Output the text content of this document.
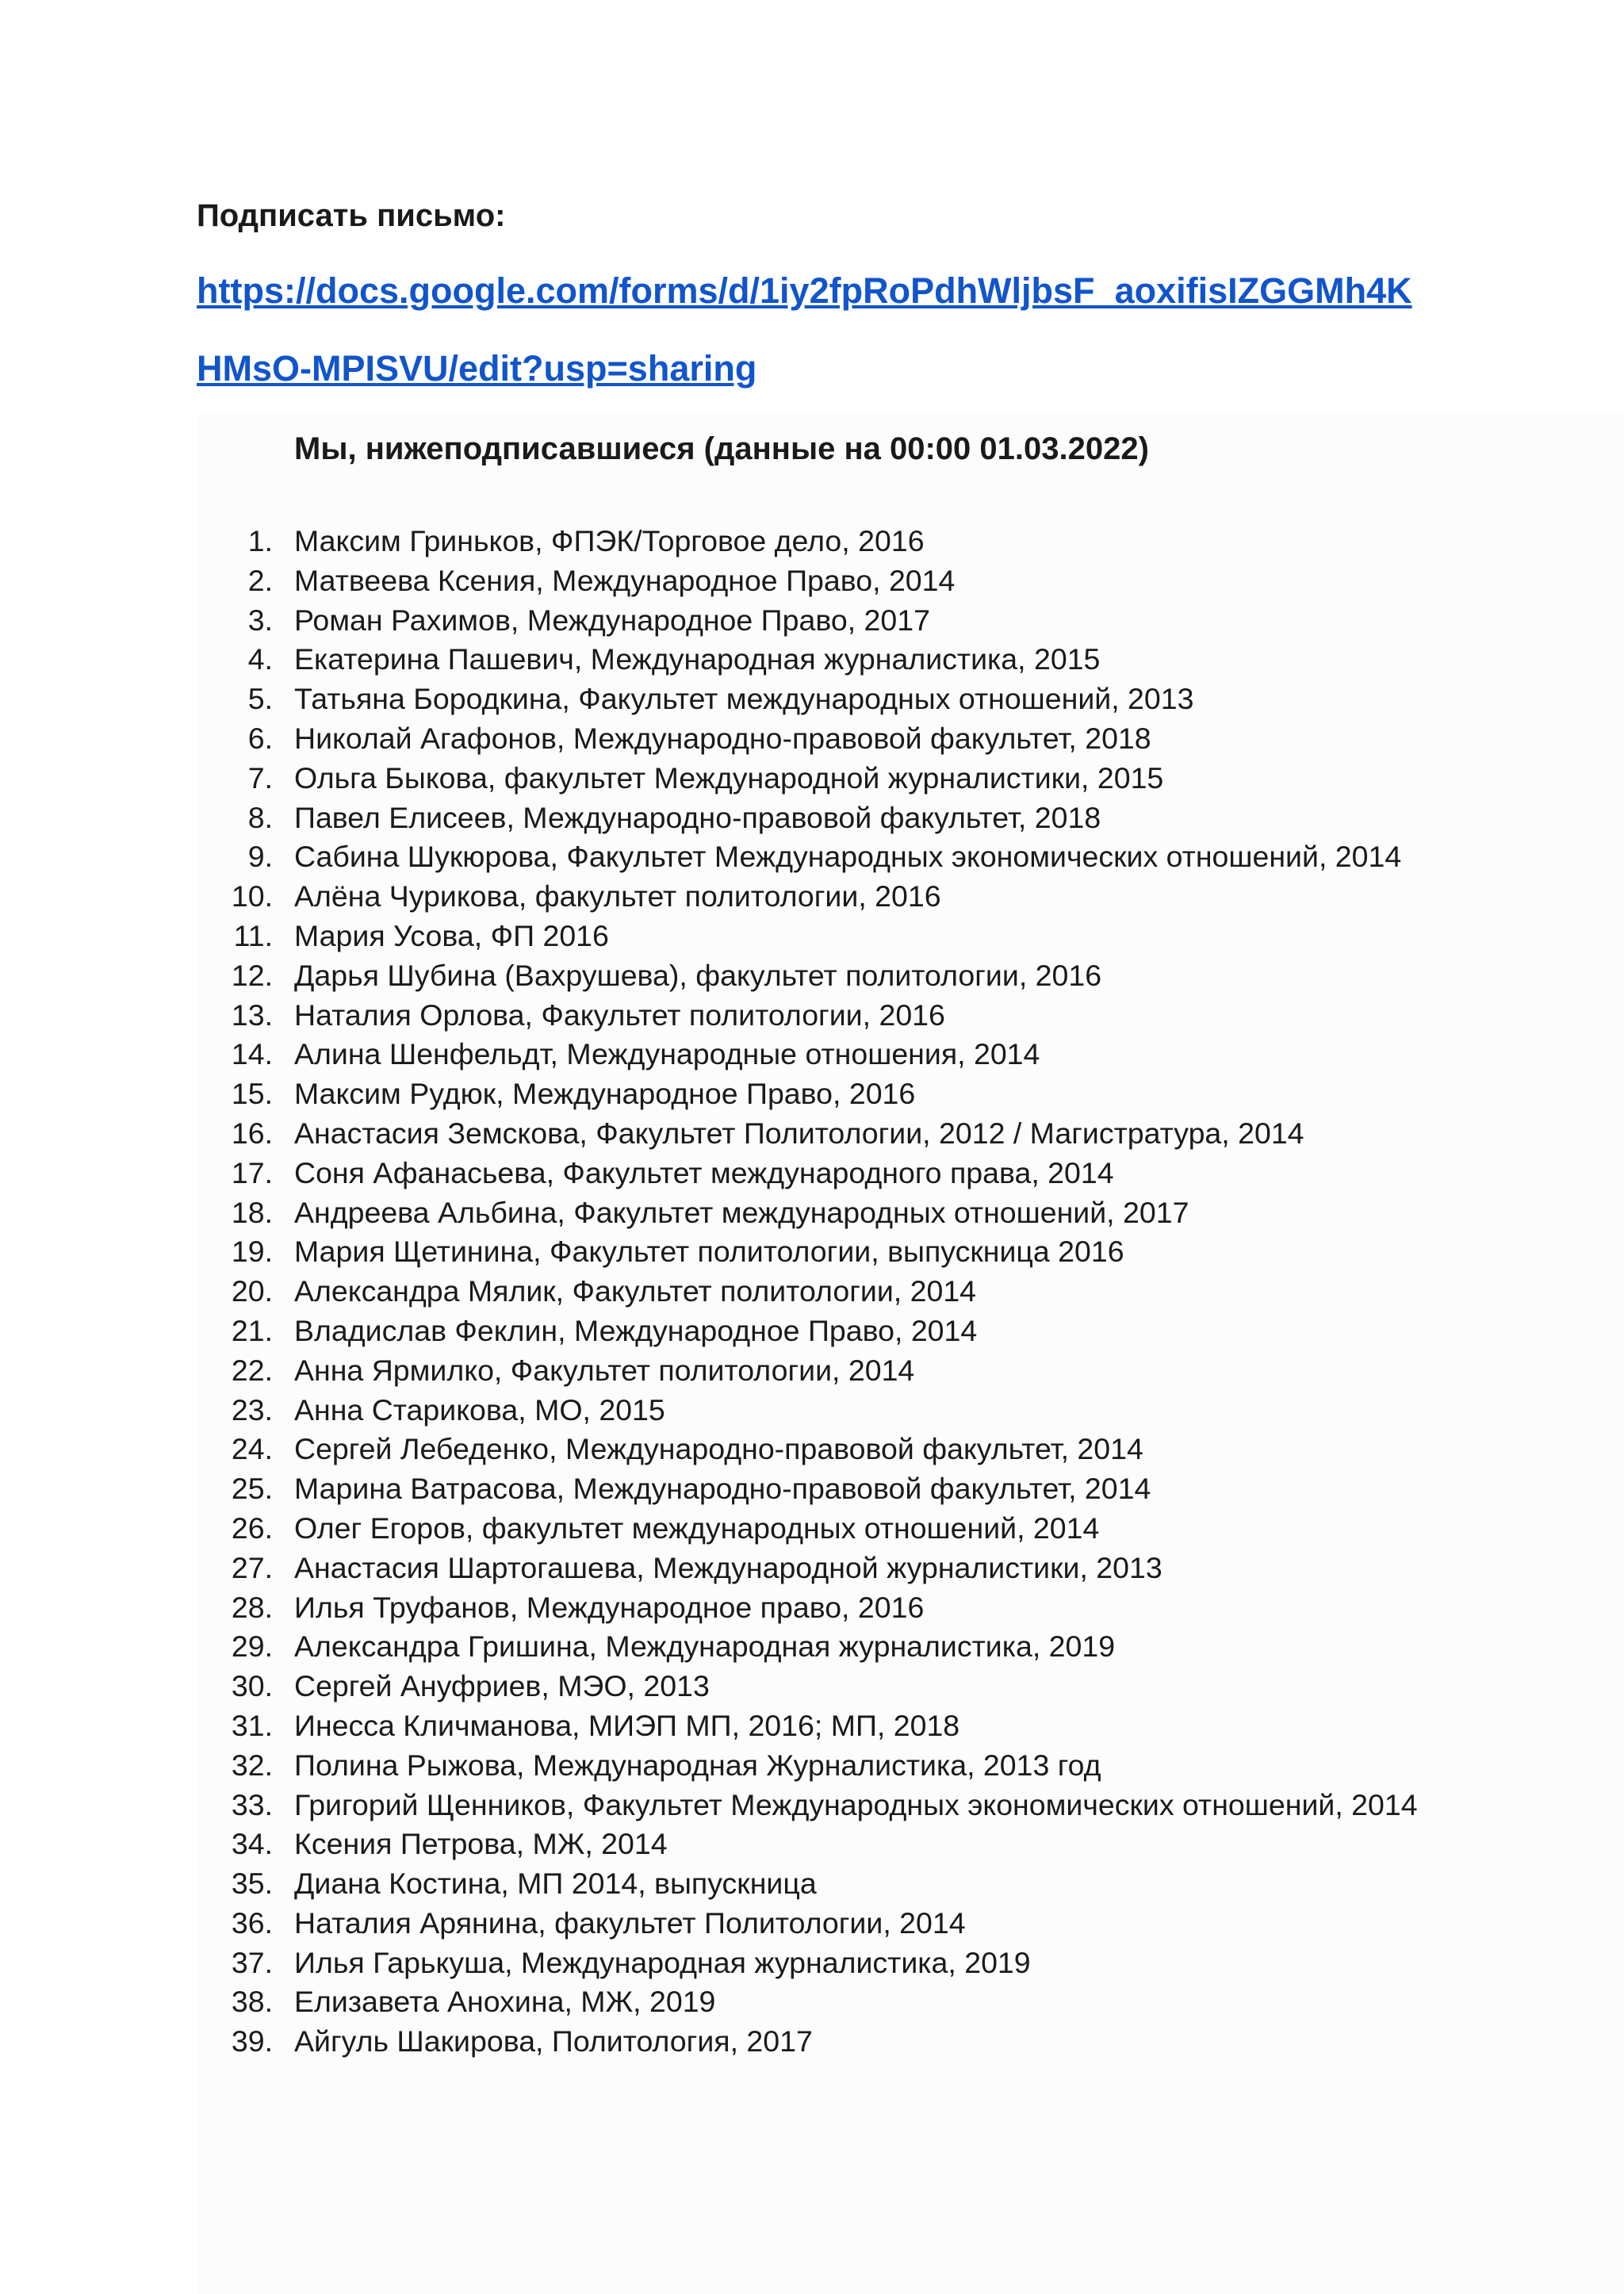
Подписать письмо:

https://docs.google.com/forms/d/1iy2fpRoPdhWljbsF_aoxifisIZGGMh4KHMsO-MPISVU/edit?usp=sharing

Мы, нижеподписавшиеся (данные на 00:00 01.03.2022)

1. Максим Гриньков, ФПЭК/Торговое дело, 2016
2. Матвеева Ксения, Международное Право, 2014
3. Роман Рахимов, Международное Право, 2017
4. Екатерина Пашевич, Международная журналистика, 2015
5. Татьяна Бородкина, Факультет международных отношений, 2013
6. Николай Агафонов, Международно-правовой факультет, 2018
7. Ольга Быкова, факультет Международной журналистики, 2015
8. Павел Елисеев, Международно-правовой факультет, 2018
9. Сабина Шукюрова, Факультет Международных экономических отношений, 2014
10. Алёна Чурикова, факультет политологии, 2016
11. Мария Усова, ФП 2016
12. Дарья Шубина (Вахрушева), факультет политологии, 2016
13. Наталия Орлова, Факультет политологии, 2016
14. Алина Шенфельдт, Международные отношения, 2014
15. Максим Рудюк, Международное Право, 2016
16. Анастасия Земскова, Факультет Политологии, 2012 / Магистратура, 2014
17. Соня Афанасьева, Факультет международного права, 2014
18. Андреева Альбина, Факультет международных отношений, 2017
19. Мария Щетинина, Факультет политологии, выпускница 2016
20. Александра Мялик, Факультет политологии, 2014
21. Владислав Феклин, Международное Право, 2014
22. Анна Ярмилко, Факультет политологии, 2014
23. Анна Старикова, МО, 2015
24. Сергей Лебеденко, Международно-правовой факультет, 2014
25. Марина Ватрасова, Международно-правовой факультет, 2014
26. Олег Егоров, факультет международных отношений, 2014
27. Анастасия Шартогашева, Международной журналистики, 2013
28. Илья Труфанов, Международное право, 2016
29. Александра Гришина, Международная журналистика, 2019
30. Сергей Ануфриев, МЭО, 2013
31. Инесса Кличманова, МИЭП МП, 2016; МП, 2018
32. Полина Рыжова, Международная Журналистика, 2013 год
33. Григорий Щенников, Факультет Международных экономических отношений, 2014
34. Ксения Петрова, МЖ, 2014
35. Диана Костина, МП 2014, выпускница
36. Наталия Арянина, факультет Политологии, 2014
37. Илья Гарькуша, Международная журналистика, 2019
38. Елизавета Анохина, МЖ, 2019
39. Айгуль Шакирова, Политология, 2017
